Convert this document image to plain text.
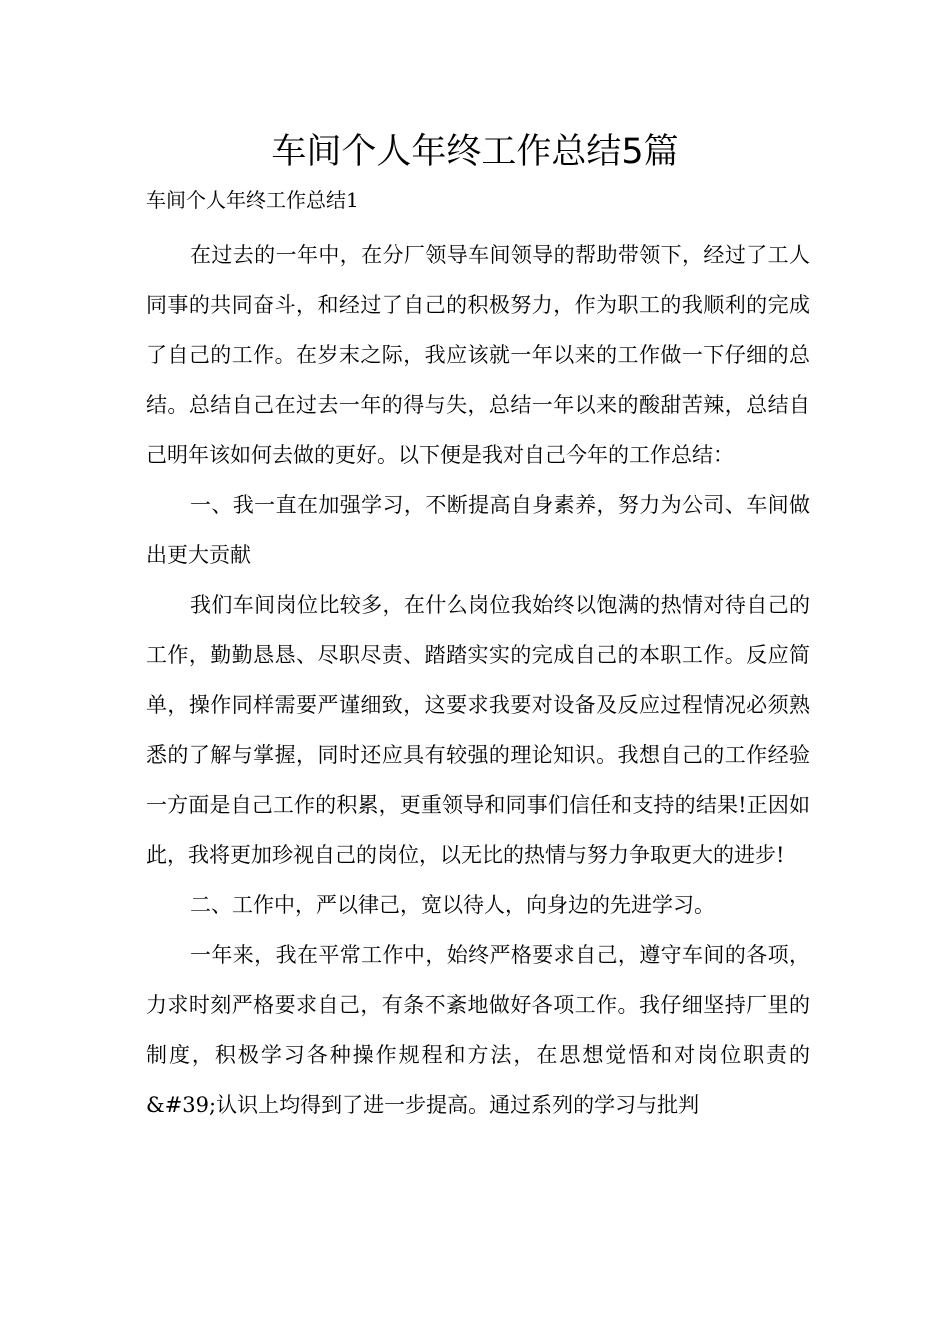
车间个人年终工作总结5篇

车间个人年终工作总结1

在过去的一年中，在分厂领导车间领导的帮助带领下，经过了工人同事的共同奋斗，和经过了自己的积极努力，作为职工的我顺利的完成了自己的工作。在岁末之际，我应该就一年以来的工作做一下仔细的总结。总结自己在过去一年的得与失，总结一年以来的酸甜苦辣，总结自己明年该如何去做的更好。以下便是我对自己今年的工作总结：

一、我一直在加强学习，不断提高自身素养，努力为公司、车间做出更大贡献

我们车间岗位比较多，在什么岗位我始终以饱满的热情对待自己的工作，勤勤恳恳、尽职尽责、踏踏实实的完成自己的本职工作。反应简单，操作同样需要严谨细致，这要求我要对设备及反应过程情况必须熟悉的了解与掌握，同时还应具有较强的理论知识。我想自己的工作经验一方面是自己工作的积累，更重领导和同事们信任和支持的结果!正因如此，我将更加珍视自己的岗位，以无比的热情与努力争取更大的进步!

二、工作中，严以律己，宽以待人，向身边的先进学习。

一年来，我在平常工作中，始终严格要求自己，遵守车间的各项，力求时刻严格要求自己，有条不紊地做好各项工作。我仔细坚持厂里的制度，积极学习各种操作规程和方法，在思想觉悟和对岗位职责的&#39;认识上均得到了进一步提高。通过系列的学习与批判
